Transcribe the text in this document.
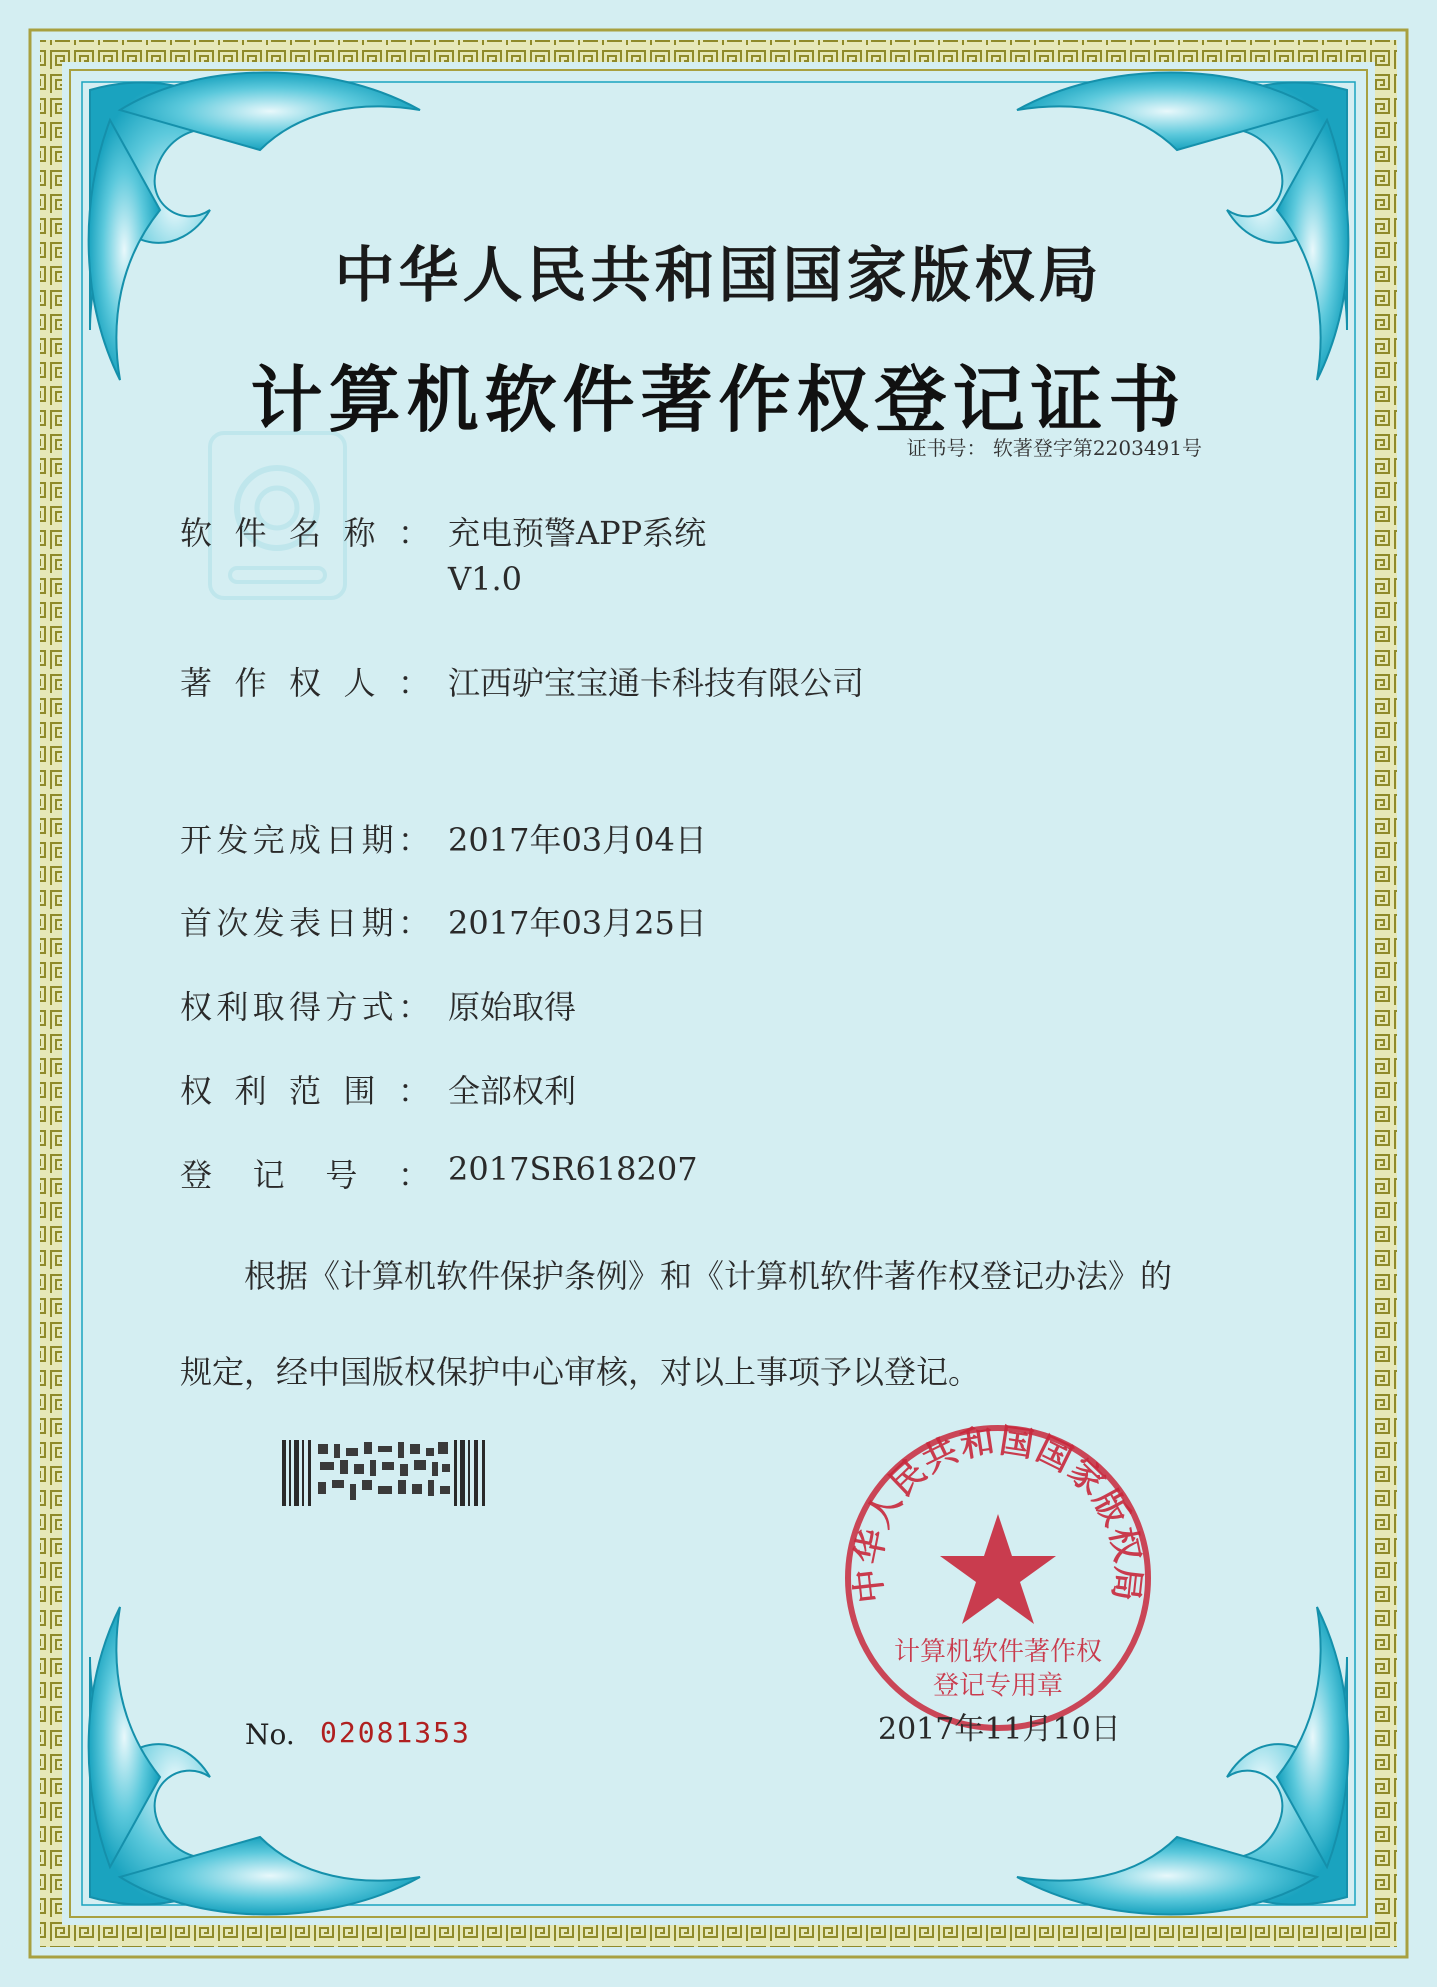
中华人民共和国国家版权局
计算机软件著作权登记证书
证书号： 软著登字第2203491号
软件名称： 充电预警APP系统
V1.0
著作权人： 江西驴宝宝通卡科技有限公司
开发完成日期： 2017年03月04日
首次发表日期： 2017年03月25日
权利取得方式： 原始取得
权利范围： 全部权利
登记号： 2017SR618207
根据《计算机软件保护条例》和《计算机软件著作权登记办法》的
规定，经中国版权保护中心审核，对以上事项予以登记。
中华人民共和国国家版权局
计算机软件著作权
登记专用章
No. 02081353	2017年11月10日
